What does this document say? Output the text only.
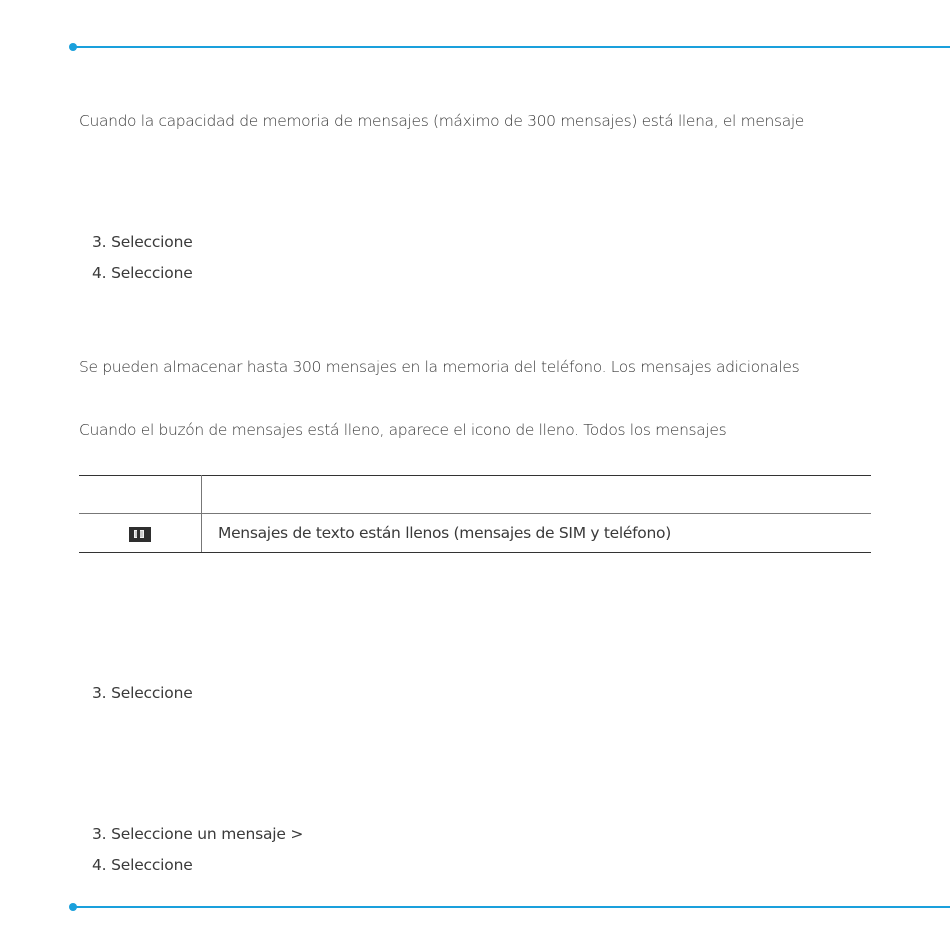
Cuando la capacidad de memoria de mensajes (máximo de 300 mensajes) está llena, el mensaje
3. Seleccione
4. Seleccione
Se pueden almacenar hasta 300 mensajes en la memoria del teléfono. Los mensajes adicionales
Cuando el buzón de mensajes está lleno, aparece el icono de lleno. Todos los mensajes

	Mensajes de texto están llenos (mensajes de SIM y teléfono)
3. Seleccione
3. Seleccione un mensaje >
4. Seleccione
